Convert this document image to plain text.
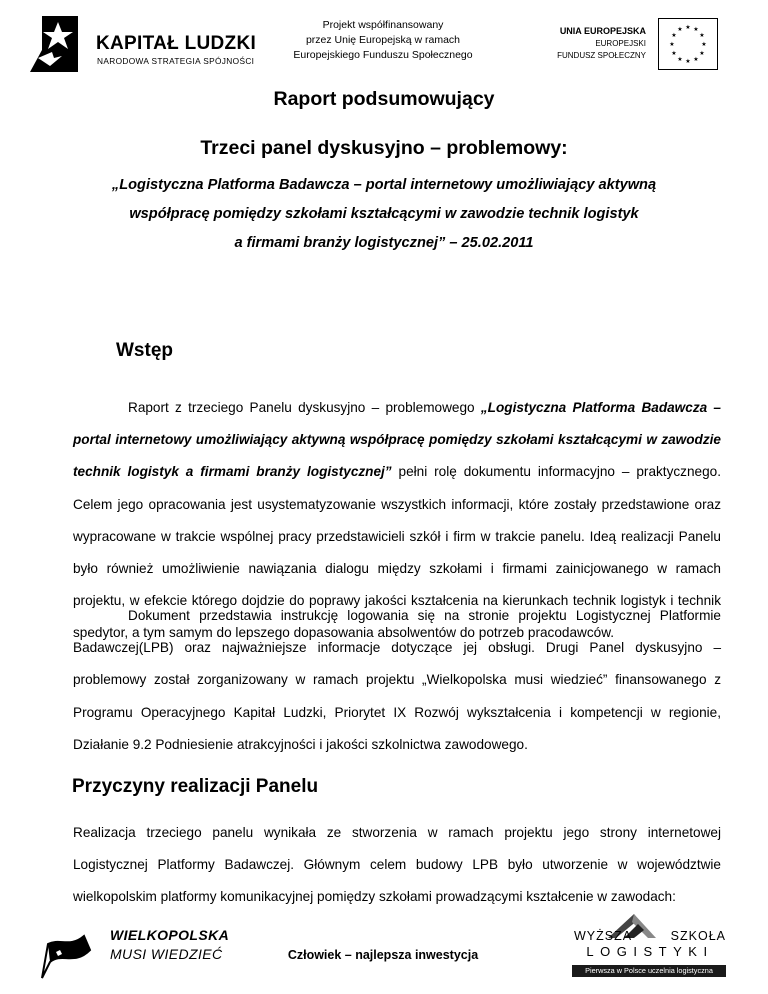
KAPITAŁ LUDZKI
NARODOWA STRATEGIA SPÓJNOŚCI
Projekt współfinansowany
przez Unię Europejską w ramach
Europejskiego Funduszu Społecznego
UNIA EUROPEJSKA
EUROPEJSKI
FUNDUSZ SPOŁECZNY
★ ★
★
★
★
★
★
★
★
★
★
★
Raport podsumowujący
Trzeci panel dyskusyjno – problemowy:
„Logistyczna Platforma Badawcza – portal internetowy umożliwiający aktywną
współpracę pomiędzy szkołami kształcącymi w zawodzie technik logistyk
a firmami branży logistycznej” – 25.02.2011
Wstęp
Raport z trzeciego Panelu dyskusyjno – problemowego „Logistyczna Platforma Badawcza – portal internetowy umożliwiający aktywną współpracę pomiędzy szkołami kształcącymi w zawodzie technik logistyk a firmami branży logistycznej” pełni rolę dokumentu informacyjno – praktycznego. Celem jego opracowania jest usystematyzowanie wszystkich informacji, które zostały przedstawione oraz wypracowane w trakcie wspólnej pracy przedstawicieli szkół i firm w trakcie panelu. Ideą realizacji Panelu było również umożliwienie nawiązania dialogu między szkołami i firmami zainicjowanego w ramach projektu, w efekcie którego dojdzie do poprawy jakości kształcenia na kierunkach technik logistyk i technik spedytor, a tym samym do lepszego dopasowania absolwentów do potrzeb pracodawców.
Dokument przedstawia instrukcję logowania się na stronie projektu Logistycznej Platformie Badawczej(LPB) oraz najważniejsze informacje dotyczące jej obsługi. Drugi Panel dyskusyjno – problemowy został zorganizowany w ramach projektu „Wielkopolska musi wiedzieć” finansowanego z Programu Operacyjnego Kapitał Ludzki, Priorytet IX Rozwój wykształcenia i kompetencji w regionie, Działanie 9.2 Podniesienie atrakcyjności i jakości szkolnictwa zawodowego.
Przyczyny realizacji Panelu
Realizacja trzeciego panelu wynikała ze stworzenia w ramach projektu jego strony internetowej Logistycznej Platformy Badawczej. Głównym celem budowy LPB było utworzenie w województwie wielkopolskim platformy komunikacyjnej pomiędzy szkołami prowadzącymi kształcenie w zawodach:
WIELKOPOLSKA
MUSI WIEDZIEĆ	Człowiek – najlepsza inwestycja
WYŻSZA	SZKOŁA
LOGISTYKI
Pierwsza w Polsce uczelnia logistyczna
